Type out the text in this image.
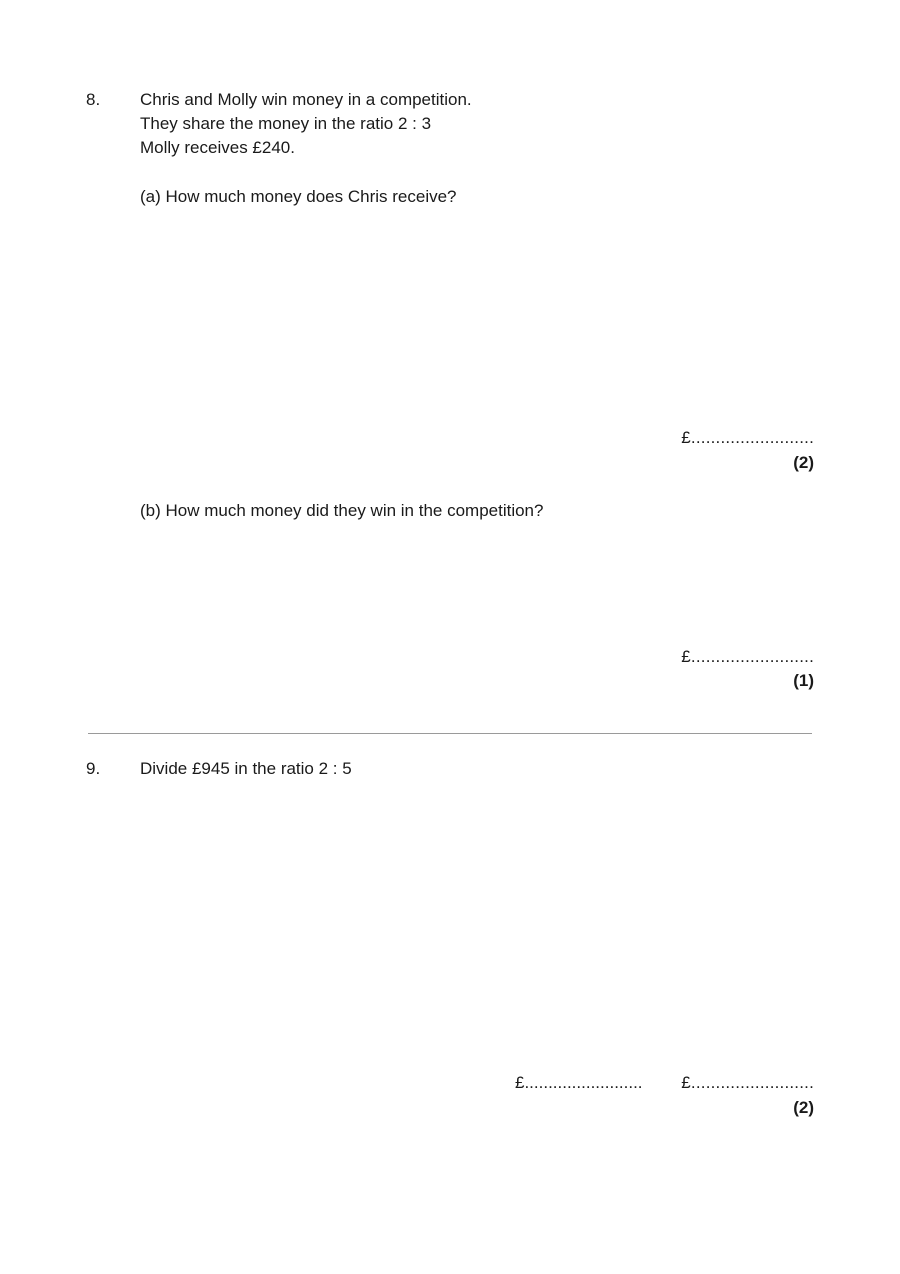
8. Chris and Molly win money in a competition.
They share the money in the ratio 2 : 3
Molly receives £240.
(a) How much money does Chris receive?
£.........................
(2)
(b) How much money did they win in the competition?
£.........................
(1)
9. Divide £945 in the ratio 2 : 5
£......................... £.........................
(2)
